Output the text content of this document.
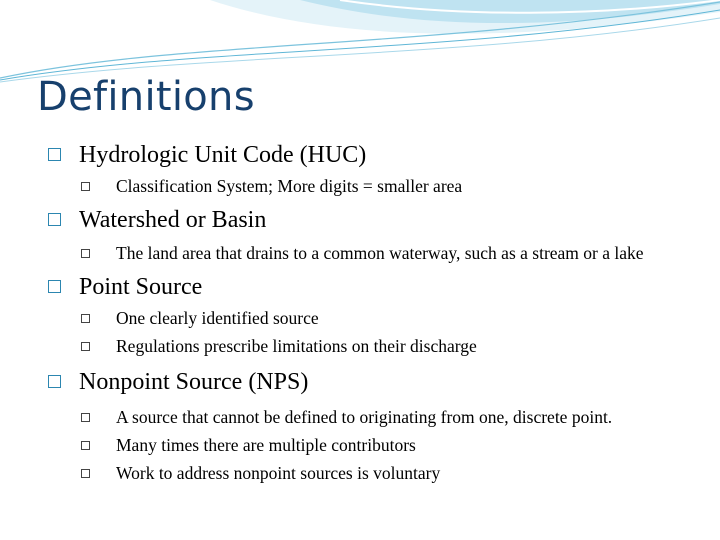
Definitions
Hydrologic Unit Code (HUC)
Classification System; More digits = smaller area
Watershed or Basin
The land area that drains to a common waterway, such as a stream or a lake
Point Source
One clearly identified source
Regulations prescribe limitations on their discharge
Nonpoint Source (NPS)
A source that cannot be defined to originating from one, discrete point.
Many times there are multiple contributors
Work to address nonpoint sources is voluntary
